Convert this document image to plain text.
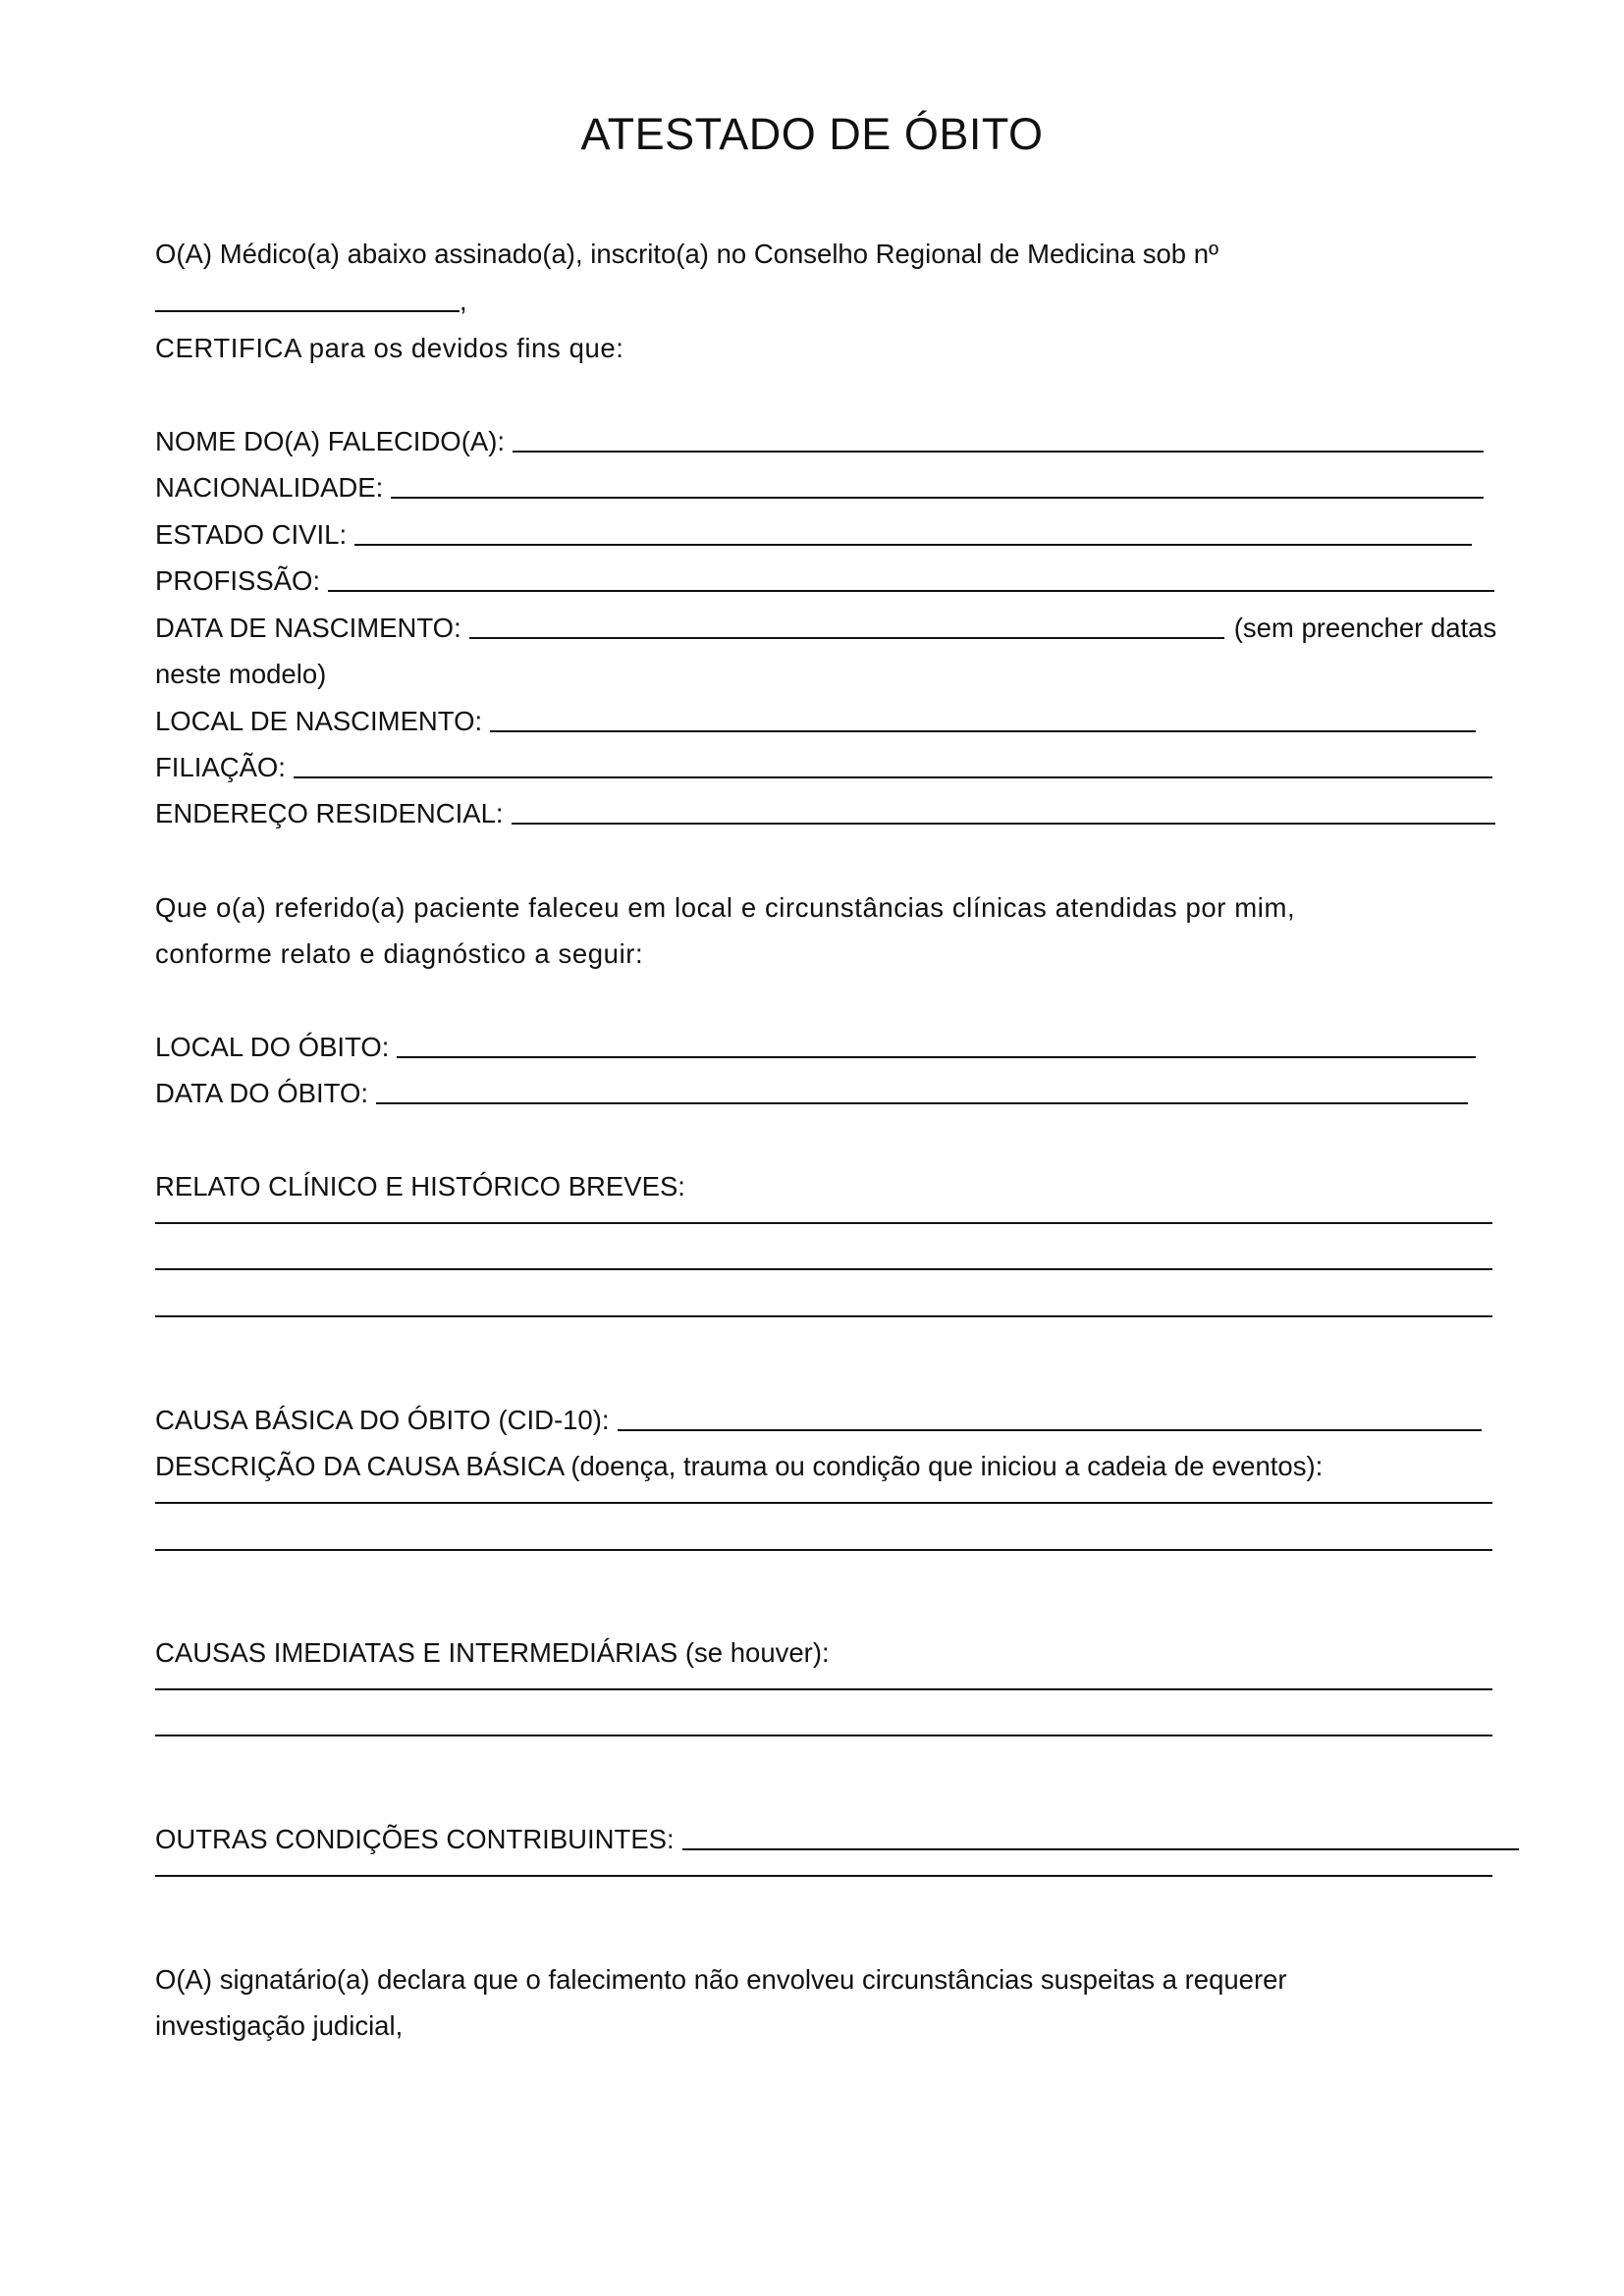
ATESTADO DE ÓBITO
O(A) Médico(a) abaixo assinado(a), inscrito(a) no Conselho Regional de Medicina sob nº
,
CERTIFICA para os devidos fins que:
NOME DO(A) FALECIDO(A):
NACIONALIDADE:
ESTADO CIVIL:
PROFISSÃO:
DATA DE NASCIMENTO:	(sem preencher datas
neste modelo)
LOCAL DE NASCIMENTO:
FILIAÇÃO:
ENDEREÇO RESIDENCIAL:
Que o(a) referido(a) paciente faleceu em local e circunstâncias clínicas atendidas por mim,
conforme relato e diagnóstico a seguir:
LOCAL DO ÓBITO:
DATA DO ÓBITO:
RELATO CLÍNICO E HISTÓRICO BREVES:
CAUSA BÁSICA DO ÓBITO (CID-10):
DESCRIÇÃO DA CAUSA BÁSICA (doença, trauma ou condição que iniciou a cadeia de eventos):
CAUSAS IMEDIATAS E INTERMEDIÁRIAS (se houver):
OUTRAS CONDIÇÕES CONTRIBUINTES:
O(A) signatário(a) declara que o falecimento não envolveu circunstâncias suspeitas a requerer
investigação judicial,
